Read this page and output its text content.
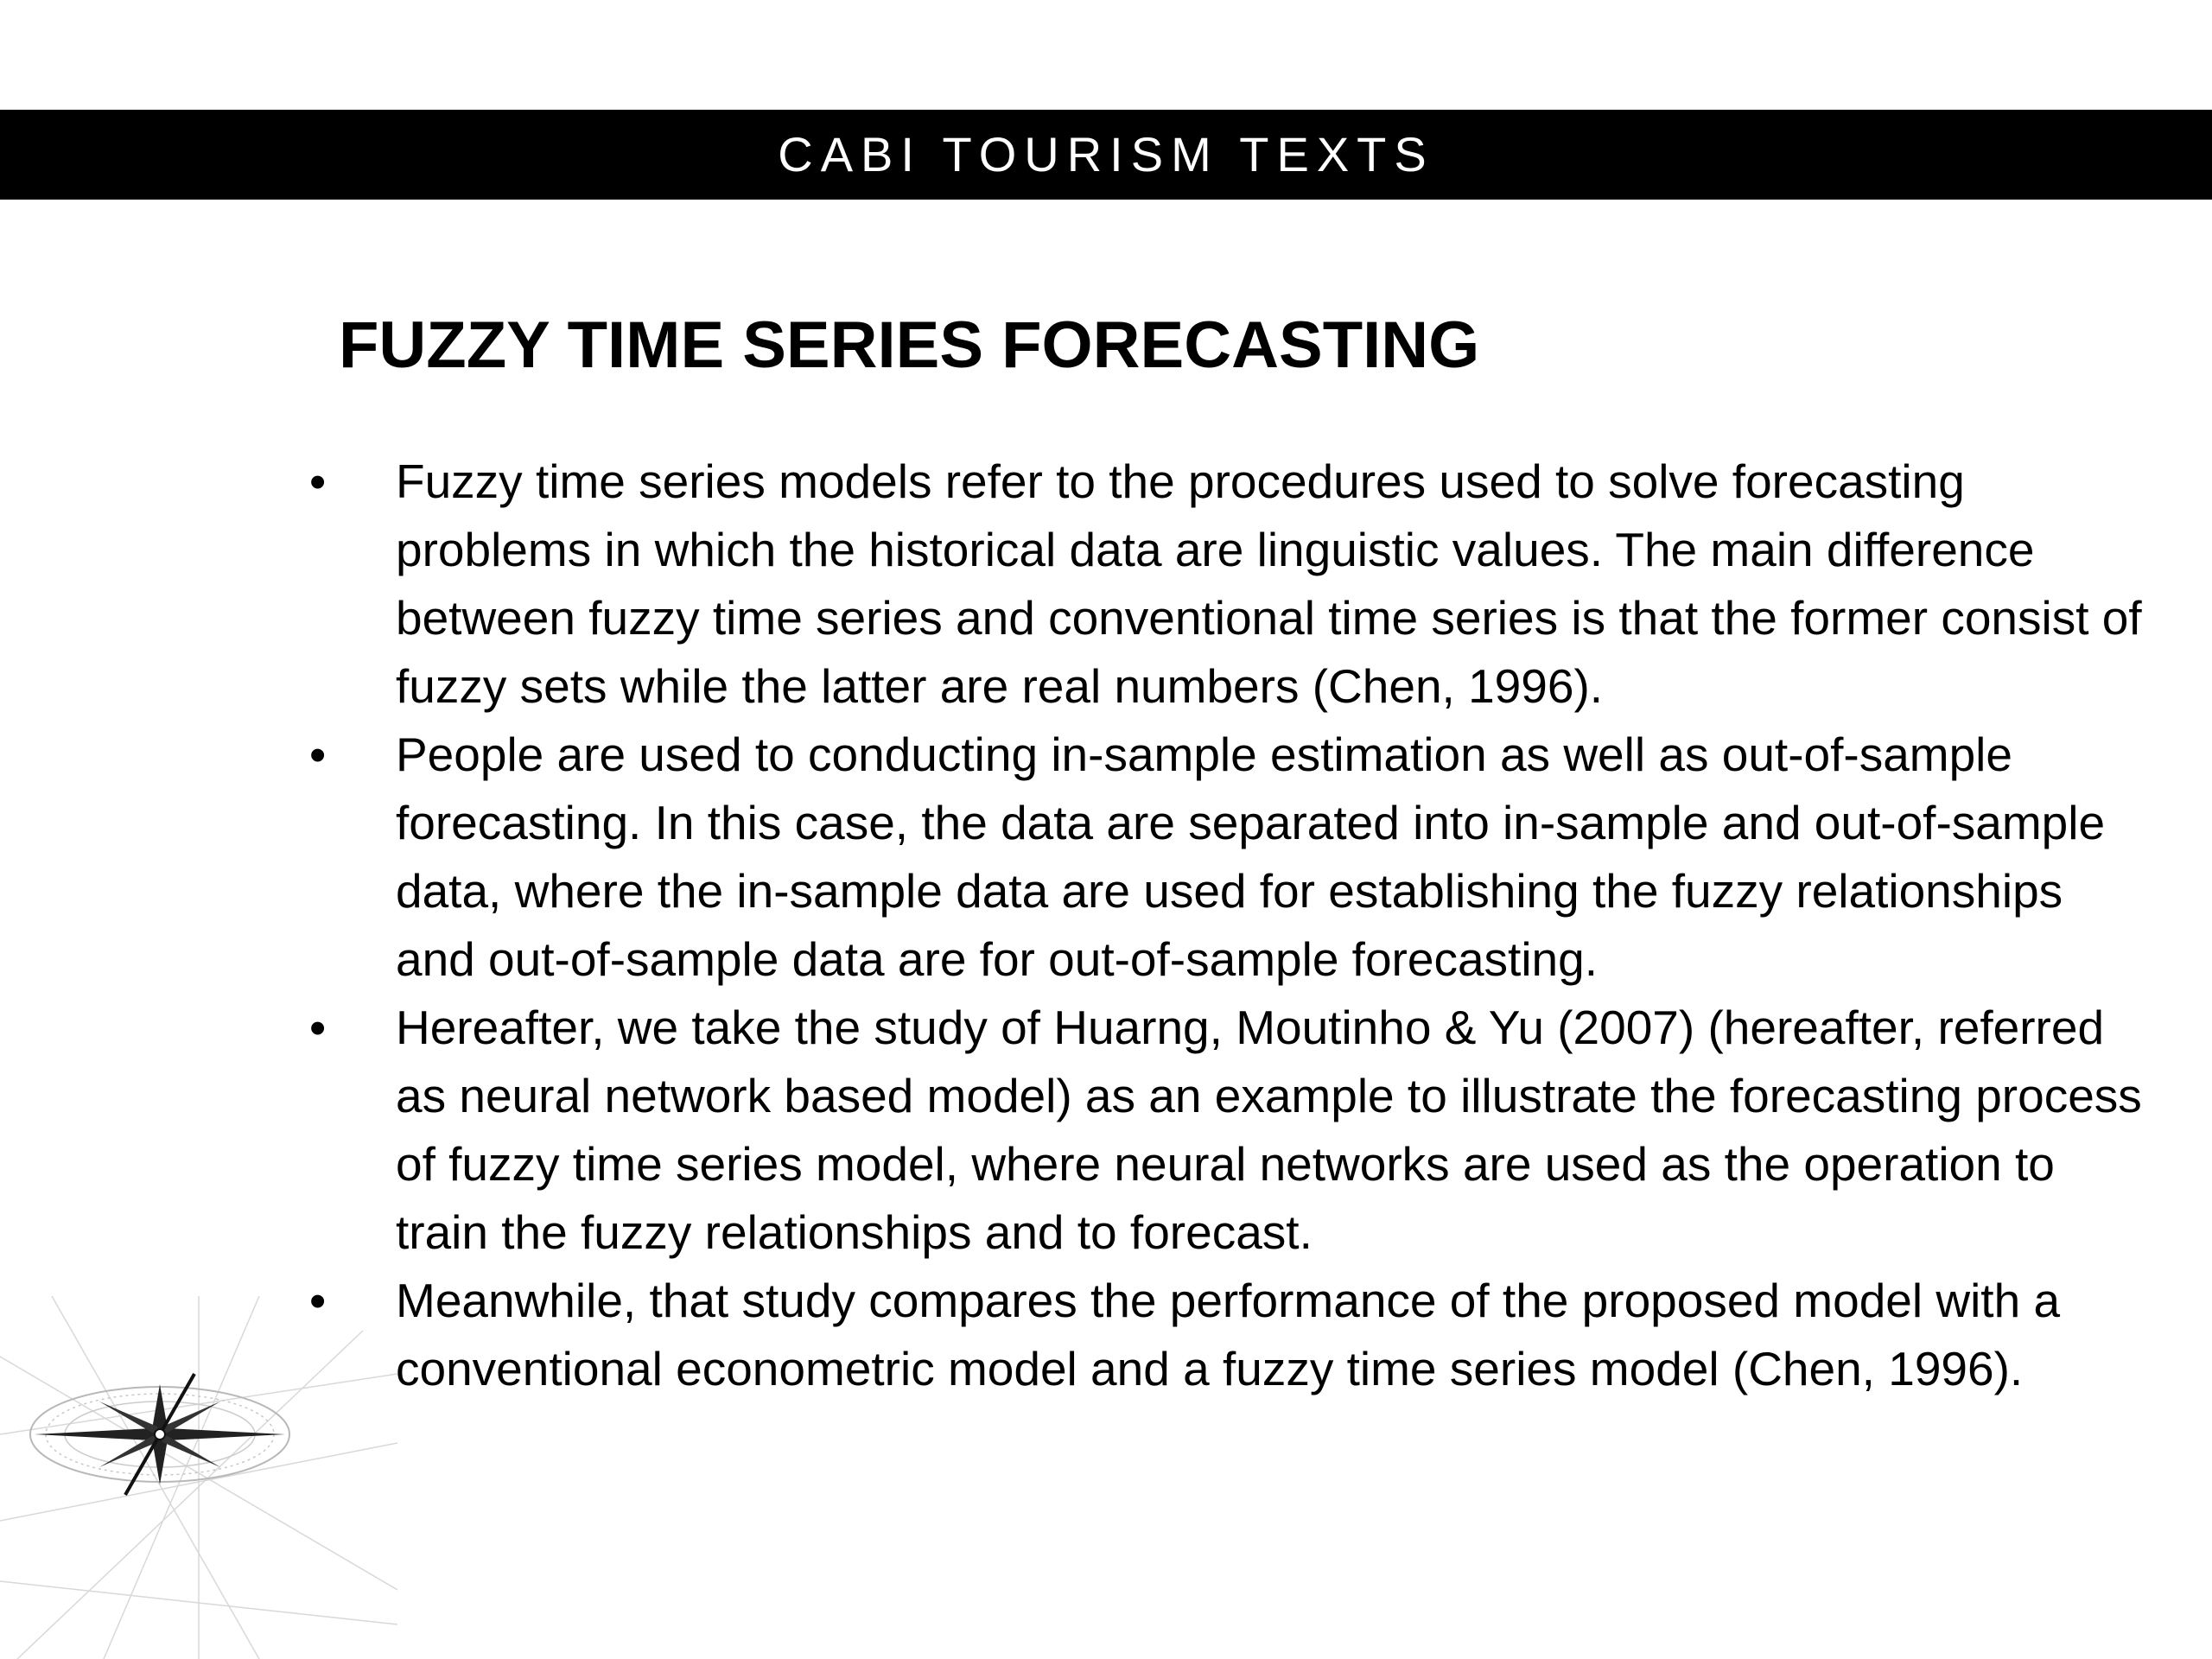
CABI TOURISM TEXTS
FUZZY TIME SERIES FORECASTING
• Fuzzy time series models refer to the procedures used to solve forecasting problems in which the historical data are linguistic values. The main difference between fuzzy time series and conventional time series is that the former consist of fuzzy sets while the latter are real numbers (Chen, 1996).
• People are used to conducting in-sample estimation as well as out-of-sample forecasting. In this case, the data are separated into in-sample and out-of-sample data, where the in-sample data are used for establishing the fuzzy relationships and out-of-sample data are for out-of-sample forecasting.
• Hereafter, we take the study of Huarng, Moutinho & Yu (2007) (hereafter, referred as neural network based model) as an example to illustrate the forecasting process of fuzzy time series model, where neural networks are used as the operation to train the fuzzy relationships and to forecast.
• Meanwhile, that study compares the performance of the proposed model with a conventional econometric model and a fuzzy time series model (Chen, 1996).
